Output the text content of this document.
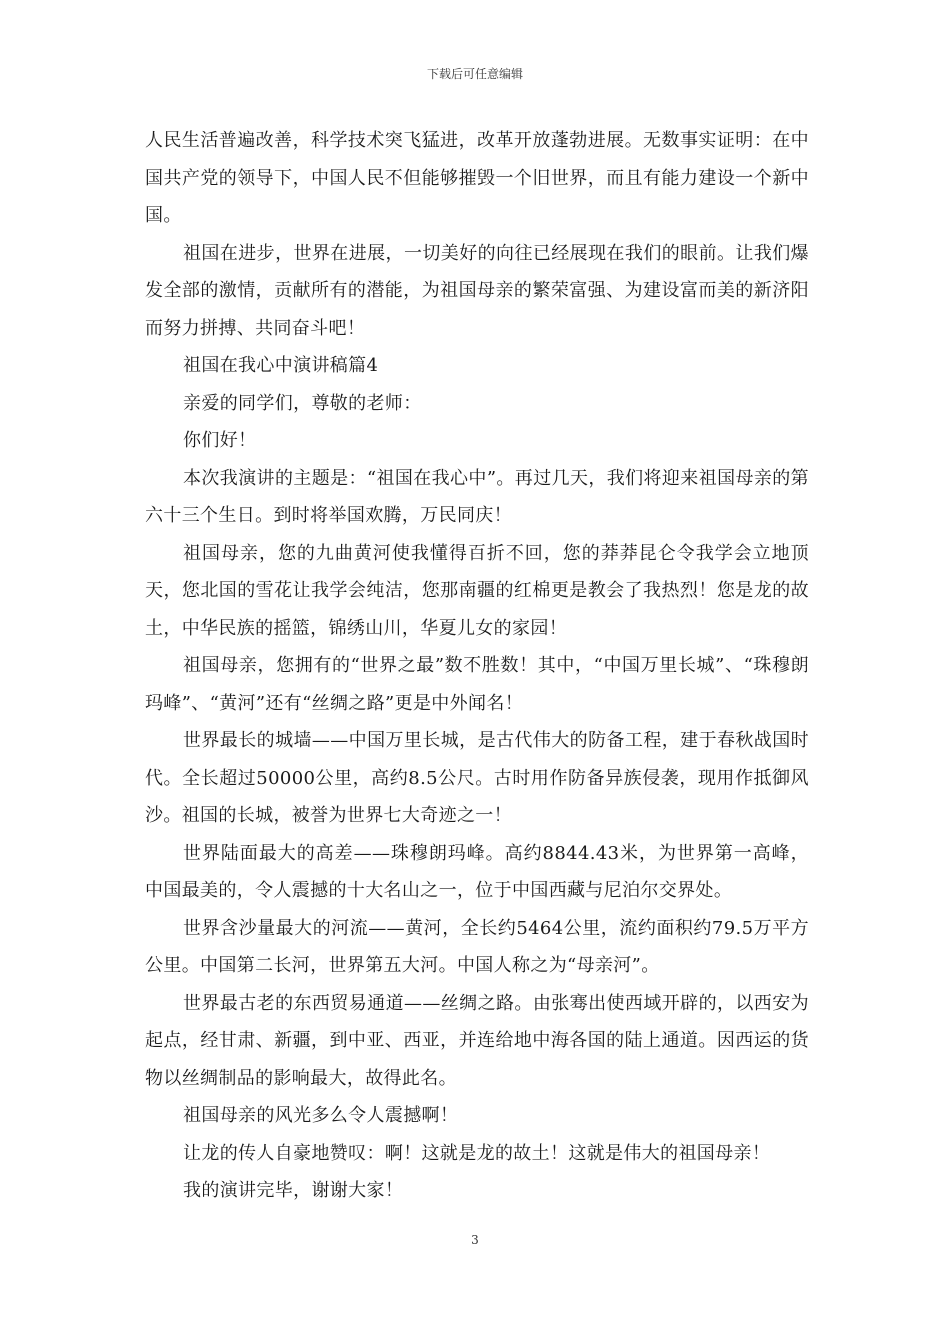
下载后可任意编辑

人民生活普遍改善，科学技术突飞猛进，改革开放蓬勃进展。无数事实证明：在中国共产党的领导下，中国人民不但能够摧毁一个旧世界，而且有能力建设一个新中国。

祖国在进步，世界在进展，一切美好的向往已经展现在我们的眼前。让我们爆发全部的激情，贡献所有的潜能，为祖国母亲的繁荣富强、为建设富而美的新济阳而努力拼搏、共同奋斗吧！

祖国在我心中演讲稿篇4

亲爱的同学们，尊敬的老师：

你们好！

本次我演讲的主题是：“祖国在我心中”。再过几天，我们将迎来祖国母亲的第六十三个生日。到时将举国欢腾，万民同庆！

祖国母亲，您的九曲黄河使我懂得百折不回，您的莽莽昆仑令我学会立地顶天，您北国的雪花让我学会纯洁，您那南疆的红棉更是教会了我热烈！您是龙的故土，中华民族的摇篮，锦绣山川，华夏儿女的家园！

祖国母亲，您拥有的“世界之最”数不胜数！其中，“中国万里长城”、“珠穆朗玛峰”、“黄河”还有“丝绸之路”更是中外闻名！

世界最长的城墙——中国万里长城，是古代伟大的防备工程，建于春秋战国时代。全长超过50000公里，高约8.5公尺。古时用作防备异族侵袭，现用作抵御风沙。祖国的长城，被誉为世界七大奇迹之一！

世界陆面最大的高差——珠穆朗玛峰。高约8844.43米，为世界第一高峰，中国最美的，令人震撼的十大名山之一，位于中国西藏与尼泊尔交界处。

世界含沙量最大的河流——黄河，全长约5464公里，流约面积约79.5万平方公里。中国第二长河，世界第五大河。中国人称之为“母亲河”。

世界最古老的东西贸易通道——丝绸之路。由张骞出使西域开辟的，以西安为起点，经甘肃、新疆，到中亚、西亚，并连给地中海各国的陆上通道。因西运的货物以丝绸制品的影响最大，故得此名。

祖国母亲的风光多么令人震撼啊！

让龙的传人自豪地赞叹：啊！这就是龙的故土！这就是伟大的祖国母亲！

我的演讲完毕，谢谢大家！

3
